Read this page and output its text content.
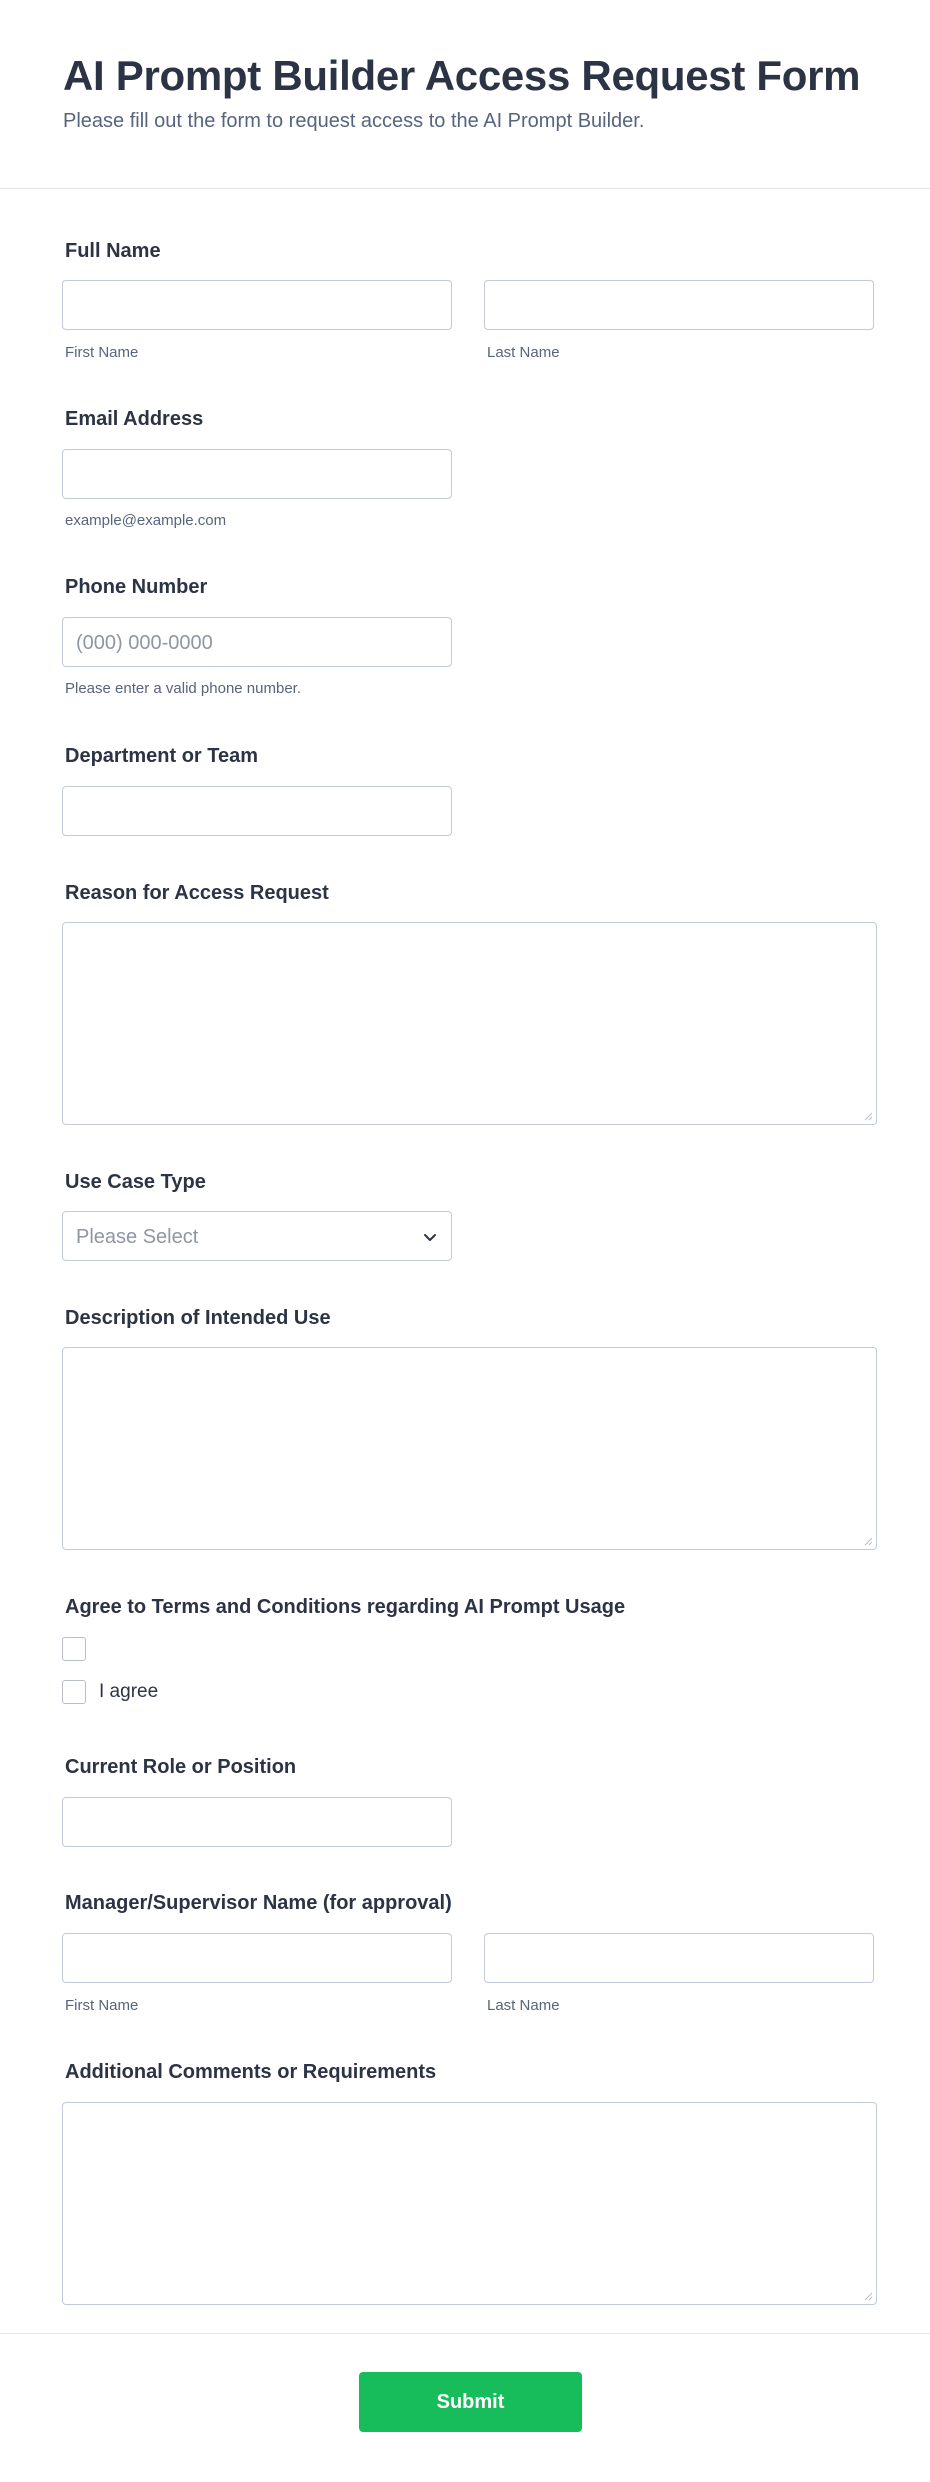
AI Prompt Builder Access Request Form

Please fill out the form to request access to the AI Prompt Builder.

Full Name
First Name	Last Name
Email Address
example@example.com
Phone Number
(000) 000-0000
Please enter a valid phone number.
Department or Team
Reason for Access Request
Use Case Type
Please Select
Description of Intended Use
Agree to Terms and Conditions regarding AI Prompt Usage
I agree
Current Role or Position
Manager/Supervisor Name (for approval)
First Name	Last Name
Additional Comments or Requirements
Submit
